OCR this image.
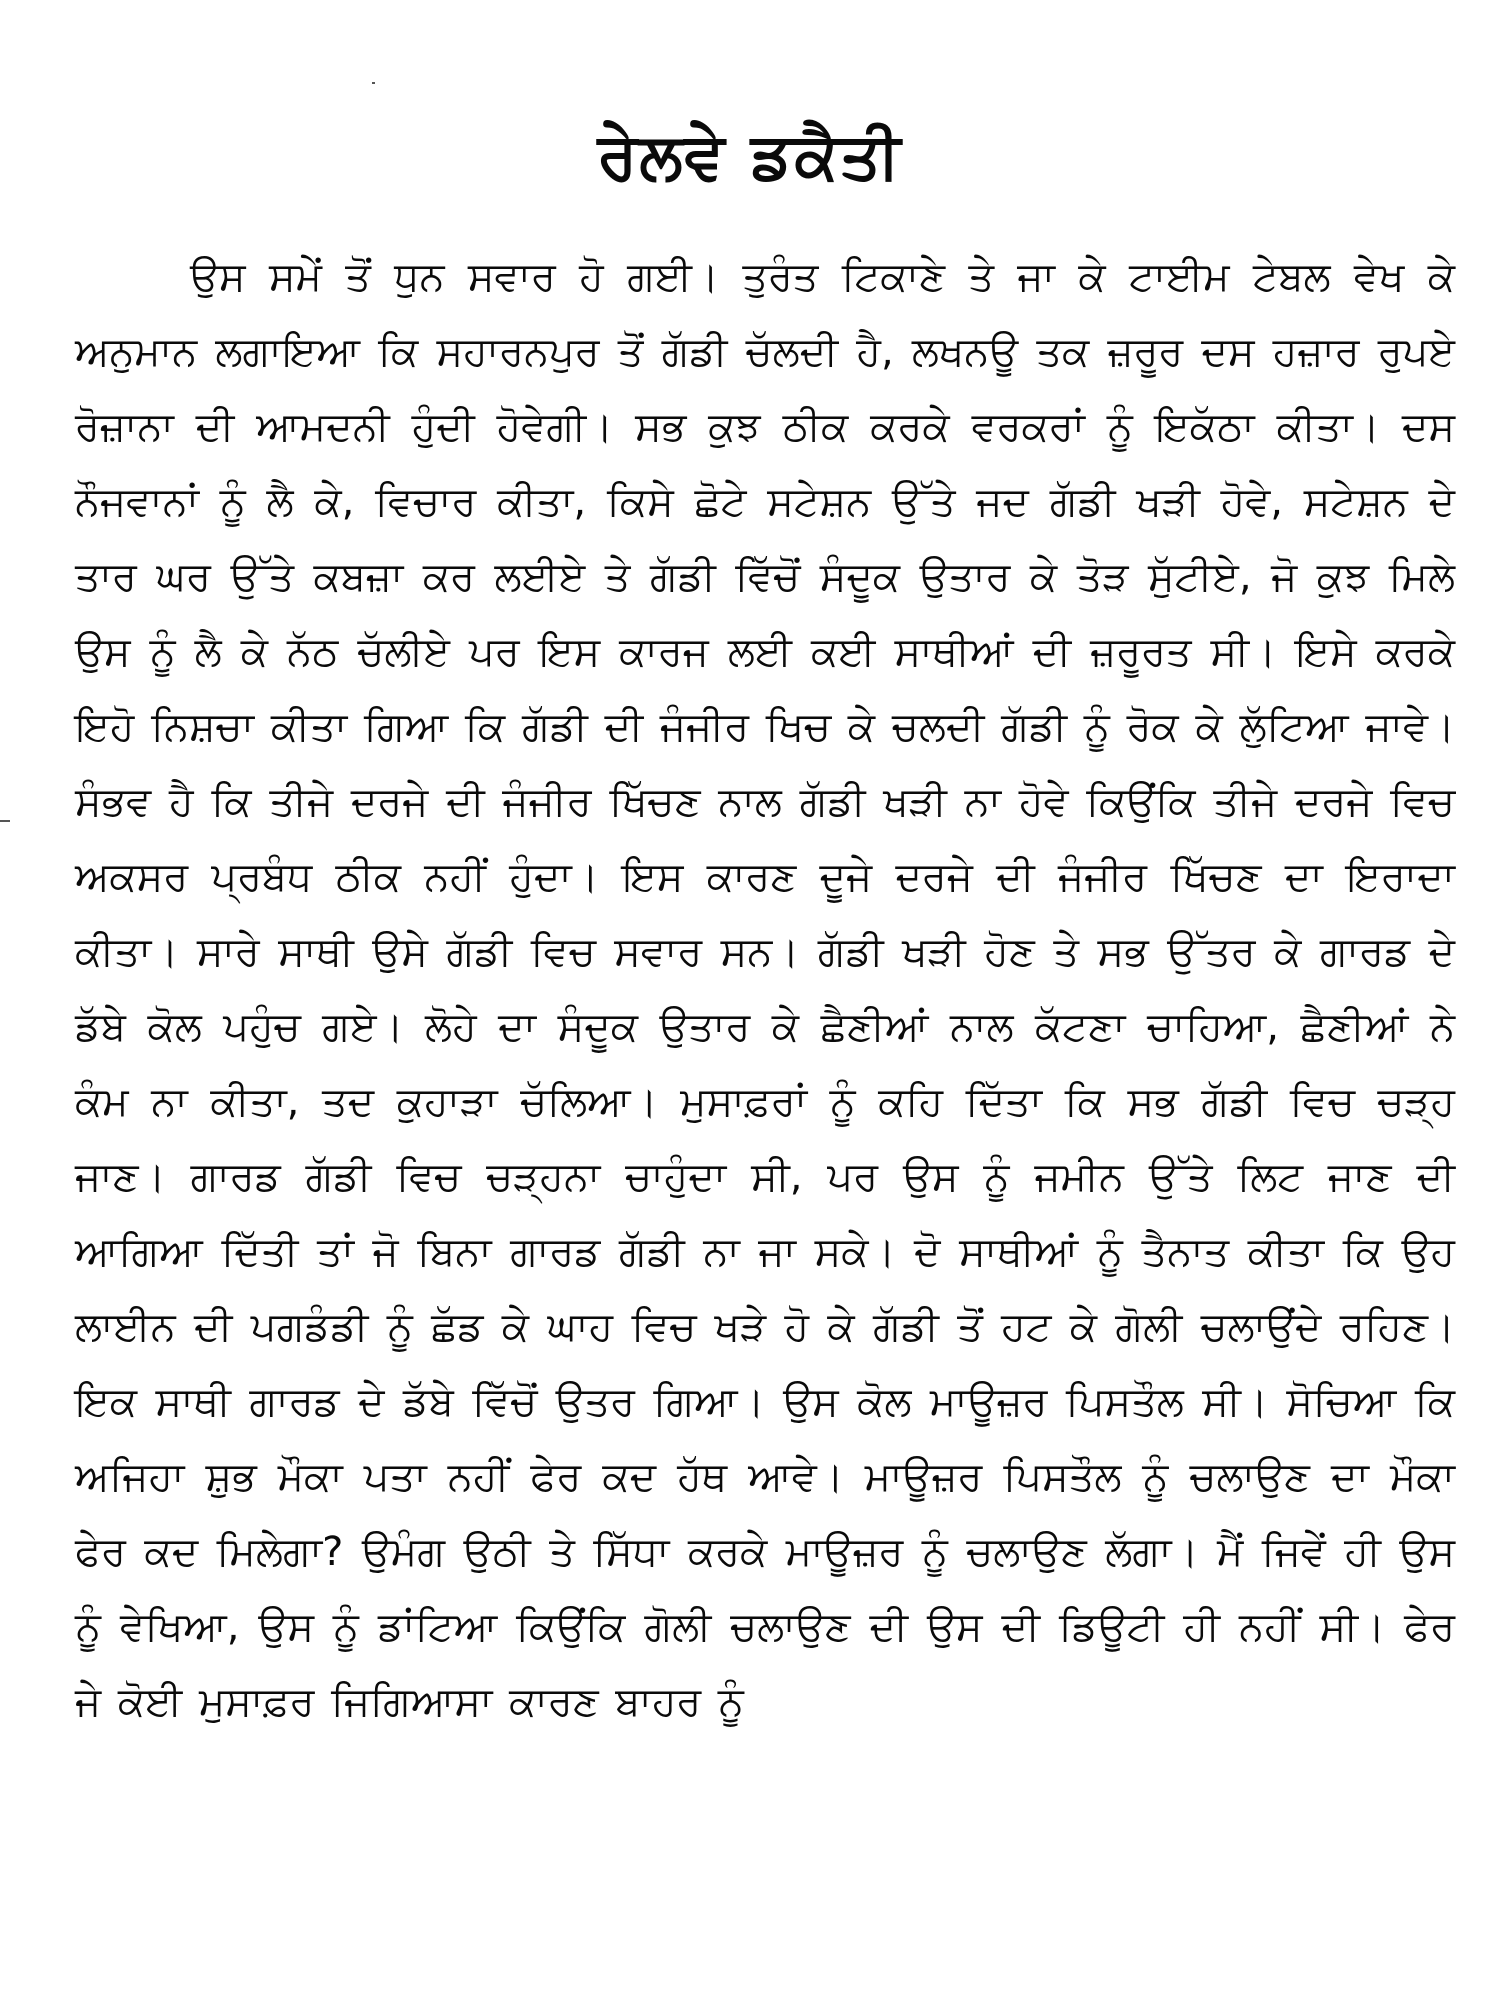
ਰੇਲਵੇ ਡਕੈਤੀ

ਉਸ ਸਮੇਂ ਤੋਂ ਧੁਨ ਸਵਾਰ ਹੋ ਗਈ। ਤੁਰੰਤ ਟਿਕਾਣੇ ਤੇ ਜਾ ਕੇ ਟਾਈਮ ਟੇਬਲ ਵੇਖ ਕੇ ਅਨੁਮਾਨ ਲਗਾਇਆ ਕਿ ਸਹਾਰਨਪੁਰ ਤੋਂ ਗੱਡੀ ਚੱਲਦੀ ਹੈ, ਲਖਨਊ ਤਕ ਜ਼ਰੂਰ ਦਸ ਹਜ਼ਾਰ ਰੁਪਏ ਰੋਜ਼ਾਨਾ ਦੀ ਆਮਦਨੀ ਹੁੰਦੀ ਹੋਵੇਗੀ। ਸਭ ਕੁਝ ਠੀਕ ਕਰਕੇ ਵਰਕਰਾਂ ਨੂੰ ਇਕੱਠਾ ਕੀਤਾ। ਦਸ ਨੌਜਵਾਨਾਂ ਨੂੰ ਲੈ ਕੇ, ਵਿਚਾਰ ਕੀਤਾ, ਕਿਸੇ ਛੋਟੇ ਸਟੇਸ਼ਨ ਉੱਤੇ ਜਦ ਗੱਡੀ ਖੜੀ ਹੋਵੇ, ਸਟੇਸ਼ਨ ਦੇ ਤਾਰ ਘਰ ਉੱਤੇ ਕਬਜ਼ਾ ਕਰ ਲਈਏ ਤੇ ਗੱਡੀ ਵਿੱਚੋਂ ਸੰਦੂਕ ਉਤਾਰ ਕੇ ਤੋੜ ਸੁੱਟੀਏ, ਜੋ ਕੁਝ ਮਿਲੇ ਉਸ ਨੂੰ ਲੈ ਕੇ ਨੱਠ ਚੱਲੀਏ ਪਰ ਇਸ ਕਾਰਜ ਲਈ ਕਈ ਸਾਥੀਆਂ ਦੀ ਜ਼ਰੂਰਤ ਸੀ। ਇਸੇ ਕਰਕੇ ਇਹੋ ਨਿਸ਼ਚਾ ਕੀਤਾ ਗਿਆ ਕਿ ਗੱਡੀ ਦੀ ਜੰਜੀਰ ਖਿਚ ਕੇ ਚਲਦੀ ਗੱਡੀ ਨੂੰ ਰੋਕ ਕੇ ਲੁੱਟਿਆ ਜਾਵੇ। ਸੰਭਵ ਹੈ ਕਿ ਤੀਜੇ ਦਰਜੇ ਦੀ ਜੰਜੀਰ ਖਿੱਚਣ ਨਾਲ ਗੱਡੀ ਖੜੀ ਨਾ ਹੋਵੇ ਕਿਉਂਕਿ ਤੀਜੇ ਦਰਜੇ ਵਿਚ ਅਕਸਰ ਪ੍ਰਬੰਧ ਠੀਕ ਨਹੀਂ ਹੁੰਦਾ। ਇਸ ਕਾਰਣ ਦੂਜੇ ਦਰਜੇ ਦੀ ਜੰਜੀਰ ਖਿੱਚਣ ਦਾ ਇਰਾਦਾ ਕੀਤਾ। ਸਾਰੇ ਸਾਥੀ ਉਸੇ ਗੱਡੀ ਵਿਚ ਸਵਾਰ ਸਨ। ਗੱਡੀ ਖੜੀ ਹੋਣ ਤੇ ਸਭ ਉੱਤਰ ਕੇ ਗਾਰਡ ਦੇ ਡੱਬੇ ਕੋਲ ਪਹੁੰਚ ਗਏ। ਲੋਹੇ ਦਾ ਸੰਦੂਕ ਉਤਾਰ ਕੇ ਛੈਣੀਆਂ ਨਾਲ ਕੱਟਣਾ ਚਾਹਿਆ, ਛੈਣੀਆਂ ਨੇ ਕੰਮ ਨਾ ਕੀਤਾ, ਤਦ ਕੁਹਾੜਾ ਚੱਲਿਆ। ਮੁਸਾਫ਼ਰਾਂ ਨੂੰ ਕਹਿ ਦਿੱਤਾ ਕਿ ਸਭ ਗੱਡੀ ਵਿਚ ਚੜ੍ਹ ਜਾਣ। ਗਾਰਡ ਗੱਡੀ ਵਿਚ ਚੜ੍ਹਨਾ ਚਾਹੁੰਦਾ ਸੀ, ਪਰ ਉਸ ਨੂੰ ਜਮੀਨ ਉੱਤੇ ਲਿਟ ਜਾਣ ਦੀ ਆਗਿਆ ਦਿੱਤੀ ਤਾਂ ਜੋ ਬਿਨਾ ਗਾਰਡ ਗੱਡੀ ਨਾ ਜਾ ਸਕੇ। ਦੋ ਸਾਥੀਆਂ ਨੂੰ ਤੈਨਾਤ ਕੀਤਾ ਕਿ ਉਹ ਲਾਈਨ ਦੀ ਪਗਡੰਡੀ ਨੂੰ ਛੱਡ ਕੇ ਘਾਹ ਵਿਚ ਖੜੇ ਹੋ ਕੇ ਗੱਡੀ ਤੋਂ ਹਟ ਕੇ ਗੋਲੀ ਚਲਾਉਂਦੇ ਰਹਿਣ। ਇਕ ਸਾਥੀ ਗਾਰਡ ਦੇ ਡੱਬੇ ਵਿੱਚੋਂ ਉਤਰ ਗਿਆ। ਉਸ ਕੋਲ ਮਾਊਜ਼ਰ ਪਿਸਤੌਲ ਸੀ। ਸੋਚਿਆ ਕਿ ਅਜਿਹਾ ਸ਼ੁਭ ਮੌਕਾ ਪਤਾ ਨਹੀਂ ਫੇਰ ਕਦ ਹੱਥ ਆਵੇ। ਮਾਊਜ਼ਰ ਪਿਸਤੌਲ ਨੂੰ ਚਲਾਉਣ ਦਾ ਮੌਕਾ ਫੇਰ ਕਦ ਮਿਲੇਗਾ? ਉਮੰਗ ਉਠੀ ਤੇ ਸਿੱਧਾ ਕਰਕੇ ਮਾਊਜ਼ਰ ਨੂੰ ਚਲਾਉਣ ਲੱਗਾ। ਮੈਂ ਜਿਵੇਂ ਹੀ ਉਸ ਨੂੰ ਵੇਖਿਆ, ਉਸ ਨੂੰ ਡਾਂਟਿਆ ਕਿਉਂਕਿ ਗੋਲੀ ਚਲਾਉਣ ਦੀ ਉਸ ਦੀ ਡਿਊਟੀ ਹੀ ਨਹੀਂ ਸੀ। ਫੇਰ ਜੇ ਕੋਈ ਮੁਸਾਫ਼ਰ ਜਿਗਿਆਸਾ ਕਾਰਣ ਬਾਹਰ ਨੂੰ
